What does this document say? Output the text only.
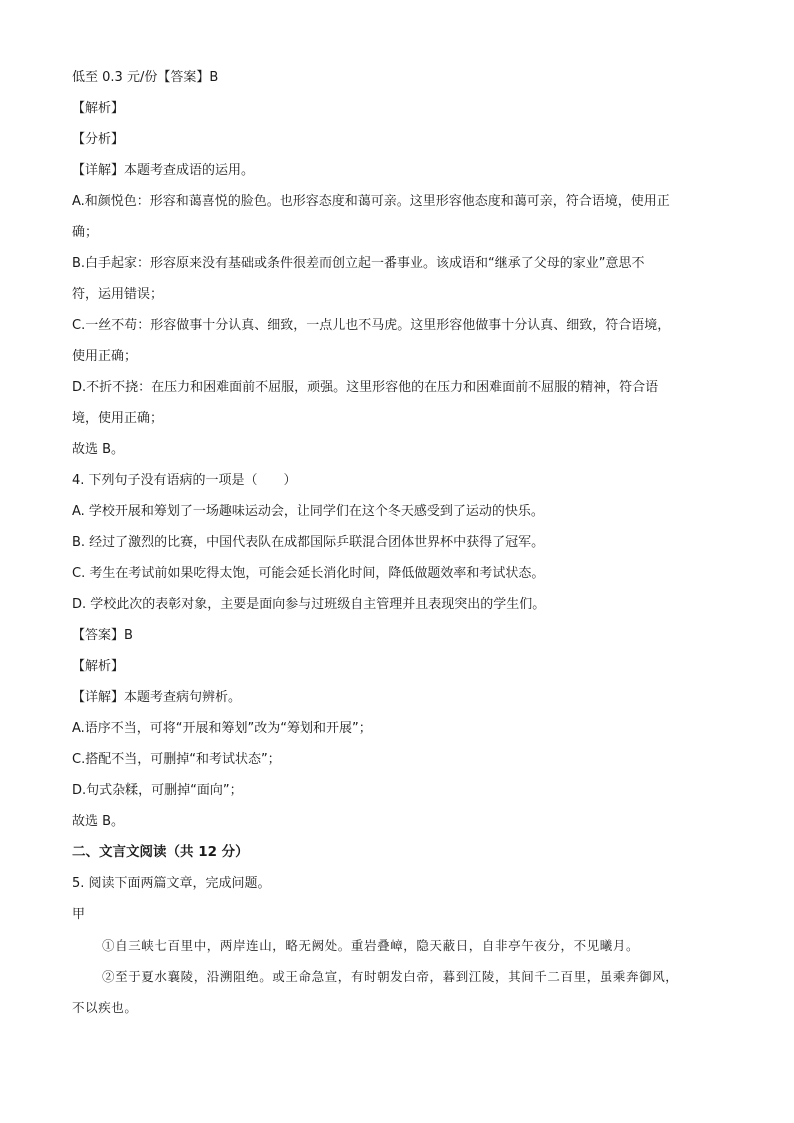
低至 0.3 元/份【答案】B

【解析】

【分析】

【详解】本题考查成语的运用。

A.和颜悦色：形容和蔼喜悦的脸色。也形容态度和蔼可亲。这里形容他态度和蔼可亲，符合语境，使用正

确；

B.白手起家：形容原来没有基础或条件很差而创立起一番事业。该成语和“继承了父母的家业”意思不

符，运用错误；

C.一丝不苟：形容做事十分认真、细致，一点儿也不马虎。这里形容他做事十分认真、细致，符合语境，

使用正确；

D.不折不挠：在压力和困难面前不屈服，顽强。这里形容他的在压力和困难面前不屈服的精神，符合语

境，使用正确；

故选 B。

4. 下列句子没有语病的一项是（　　）

A. 学校开展和筹划了一场趣味运动会，让同学们在这个冬天感受到了运动的快乐。

B. 经过了激烈的比赛，中国代表队在成都国际乒联混合团体世界杯中获得了冠军。

C. 考生在考试前如果吃得太饱，可能会延长消化时间，降低做题效率和考试状态。

D. 学校此次的表彰对象，主要是面向参与过班级自主管理并且表现突出的学生们。

【答案】B

【解析】

【详解】本题考查病句辨析。

A.语序不当，可将“开展和筹划”改为“筹划和开展”；

C.搭配不当，可删掉“和考试状态”；

D.句式杂糅，可删掉“面向”；

故选 B。

二、文言文阅读（共 12 分）

5. 阅读下面两篇文章，完成问题。

甲

①自三峡七百里中，两岸连山，略无阙处。重岩叠嶂，隐天蔽日，自非亭午夜分，不见曦月。

②至于夏水襄陵，沿溯阻绝。或王命急宣，有时朝发白帝，暮到江陵，其间千二百里，虽乘奔御风，

不以疾也。
